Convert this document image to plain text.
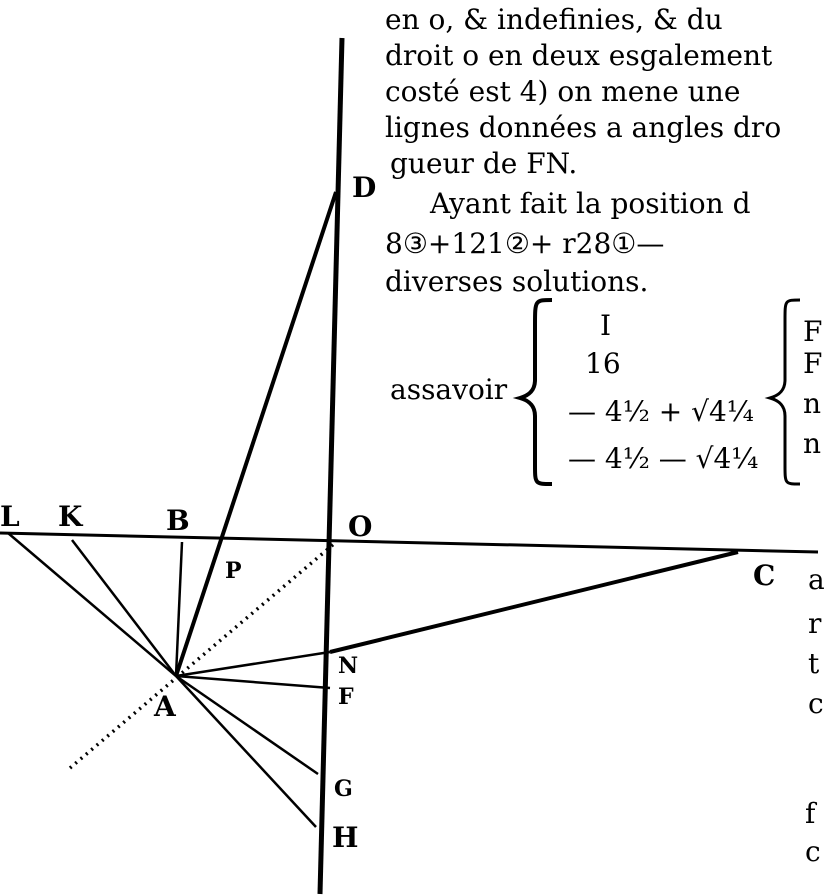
en o, & indefinies, & du
droit o en deux esgalement
costé est 4) on mene une
lignes données a angles dro
gueur de FN.
Ayant fait la position d
8③+121②+ r28①—
diverses solutions.
assavoir
I
16
— 4½ + √4¼
— 4½ — √4¼
F
F
n
n
a
r
t
c
f
c
D
L K	B	O
P	C
N
F
A
G
H
